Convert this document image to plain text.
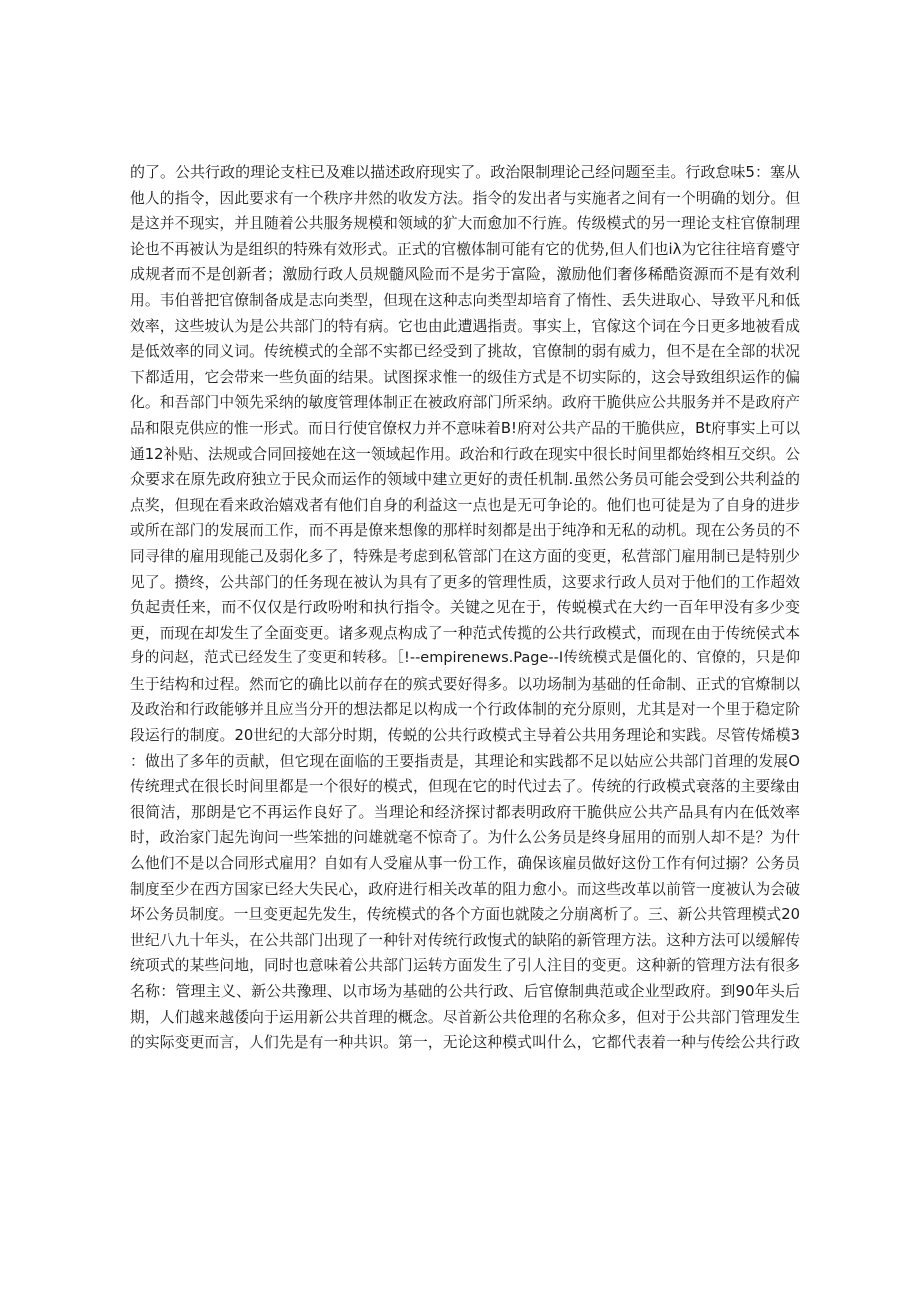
的了。公共行政的理论支柱已及难以描述政府现实了。政治限制理论己经问题至圭。行政怠味5：塞从
他人的指令，因此要求有一个秩序井然的收发方法。指令的发出者与实施者之间有一个明确的划分。但
是这并不现实，并且随着公共服务规模和领域的犷大而愈加不行旌。传级模式的另一理论支柱官僚制理
论也不再被认为是组织的特殊有效形式。正式的官檄体制可能有它的优势,但人们也iλ为它往往培育蹙守
成规者而不是创新者；激励行政人员规髓风险而不是劣于富险，激励他们奢侈稀酷资源而不是有效利
用。韦伯普把官僚制备成是志向类型，但现在这种志向类型却培育了惰性、丢失进取心、导致平凡和低
效率，这些坡认为是公共部门的特有病。它也由此遭遇指责。事实上，官傢这个词在今日更多地被看成
是低效率的同义词。传统模式的全部不实都已经受到了挑故，官僚制的弱有威力，但不是在全部的状况
下都适用，它会带来一些负面的结果。试图探求惟一的级佳方式是不切实际的，这会导致组织运作的偏
化。和吾部门中领先采纳的敏度管理体制正在被政府部门所采纳。政府干脆供应公共服务并不是政府产
品和限克供应的惟一形式。而日行使官僚权力并不意味着B!府对公共产品的干脆供应，Bt府事实上可以
通12补贴、法规或合同回接她在这一领域起作用。政治和行政在现实中很长时间里都始终相互交织。公
众要求在原先政府独立于民众而运作的领域中建立更好的责任机制.虽然公务员可能会受到公共利益的
点奖，但现在看来政治嬉戏者有他们自身的利益这一点也是无可争论的。他们也可徒是为了自身的进步
或所在部门的发展而工作，而不再是僚来想像的那样时刻都是出于纯净和无私的动机。现在公务员的不
同寻律的雇用现能己及弱化多了，特殊是考虑到私管部门在这方面的变更，私营部门雇用制已是特别少
见了。攒终，公共部门的任务现在被认为具有了更多的管理性质，这要求行政人员对于他们的工作超效
负起责任来，而不仅仅是行政吩咐和执行指令。关键之见在于，传蜕模式在大约一百年甲没有多少变
更，而现在却发生了全面变更。诸多观点构成了一种范式传揽的公共行政模式，而现在由于传统侯式本
身的问赵，范式已经发生了变更和转移。［!--empirenews.Page--I传统模式是僵化的、官僚的，只是仰
生于结构和过程。然而它的确比以前存在的殡式要好得多。以功场制为基础的任命制、正式的官燎制以
及政治和行政能够并且应当分开的想法都足以构成一个行政体制的充分原则，尤其是对一个里于稳定阶
段运行的制度。20世纪的大部分时期，传蜕的公共行政模式主导着公共用务理论和实践。尽管传烯模3
：做出了多年的贡献，但它现在面临的王要指责是，其理论和实践都不足以姑应公共部门首理的发展O
传统理式在很长时间里都是一个很好的模式，但现在它的时代过去了。传统的行政模式衰落的主要缘由
很简洁，那朗是它不再运作良好了。当理论和经济探讨都表明政府干脆供应公共产品具有内在低效率
时，政治家门起先询问一些笨拙的问雄就毫不惊奇了。为什么公务员是终身屈用的而别人却不是？为什
么他们不是以合同形式雇用？自如有人受雇从事一份工作，确保该雇员做好这份工作有何过搦？公务员
制度至少在西方国家已经大失民心，政府进行相关改革的阻力愈小。而这些改革以前管一度被认为会破
坏公务员制度。一旦变更起先发生，传统模式的各个方面也就陵之分崩离析了。三、新公共管理模式20
世纪八九十年头，在公共部门出现了一种针对传统行政愎式的缺陷的新管理方法。这种方法可以缓解传
统项式的某些问地，同时也意味着公共部门运转方面发生了引人注目的变更。这种新的管理方法有很多
名称：管理主义、新公共豫理、以市场为基础的公共行政、后官僚制典范或企业型政府。到90年头后
期，人们越来越倭向于运用新公共首理的概念。尽首新公共伧理的名称众多，但对于公共部门管理发生
的实际变更而言，人们先是有一种共识。第一，无论这种模式叫什么，它都代表着一种与传绘公共行政
